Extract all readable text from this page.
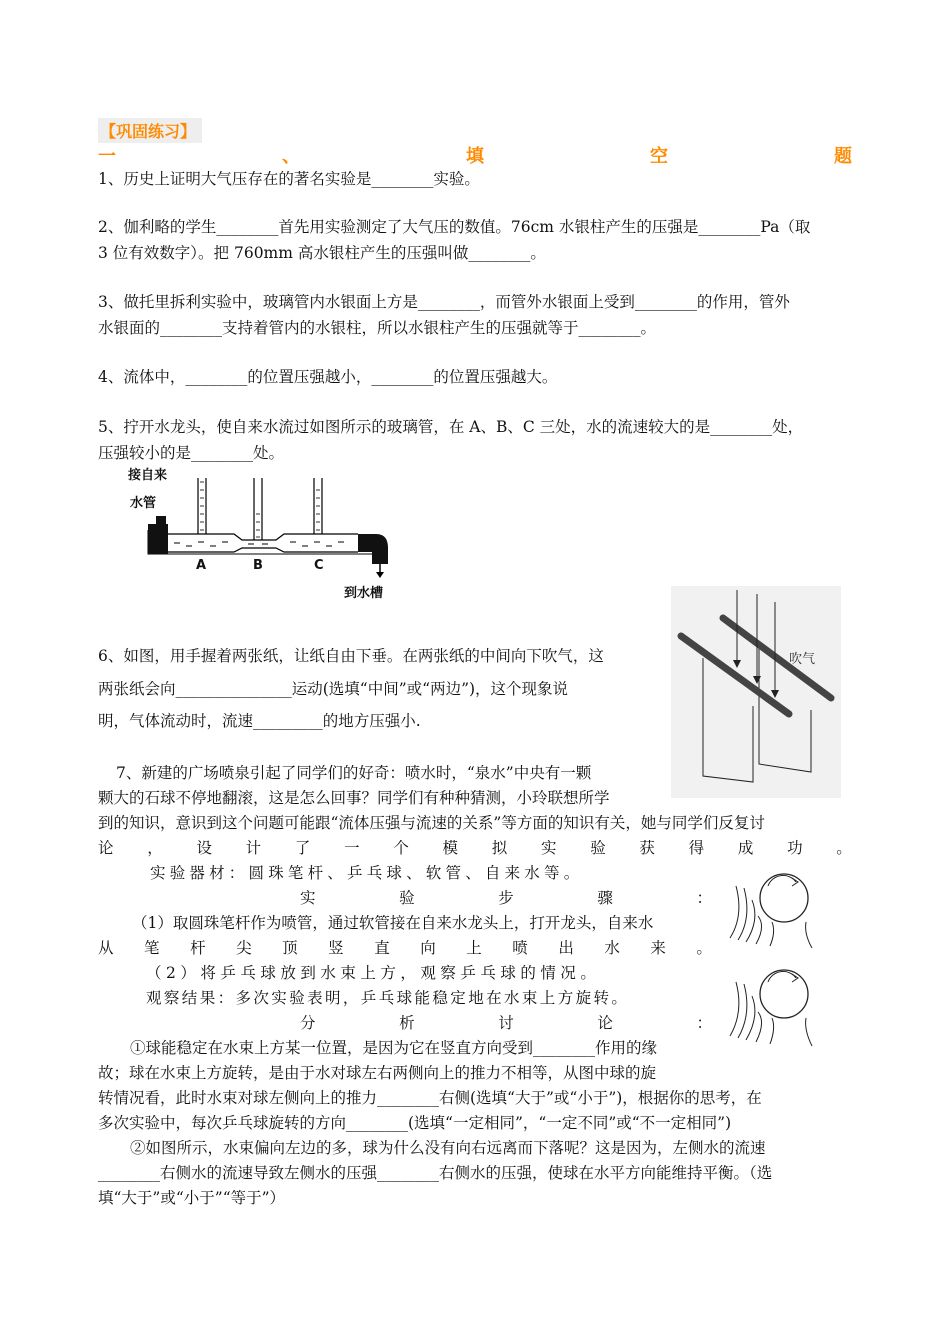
【巩固练习】
一	、	填	空	题
1、历史上证明大气压存在的著名实验是________实验。
2、伽利略的学生________首先用实验测定了大气压的数值。76cm 水银柱产生的压强是________Pa（取
3 位有效数字）。把 760mm 高水银柱产生的压强叫做________。
3、做托里拆利实验中，玻璃管内水银面上方是________，而管外水银面上受到________的作用，管外
水银面的________支持着管内的水银柱，所以水银柱产生的压强就等于________。
4、流体中，________的位置压强越小，________的位置压强越大。
5、拧开水龙头，使自来水流过如图所示的玻璃管，在 A、B、C 三处，水的流速较大的是________处，
压强较小的是________处。
接自来
水管
A	B	C
到水槽
吹气
6、如图，用手握着两张纸，让纸自由下垂。在两张纸的中间向下吹气，这
两张纸会向_______________运动(选填“中间”或“两边”)，这个现象说
明，气体流动时，流速_________的地方压强小.
7、新建的广场喷泉引起了同学们的好奇：喷水时，“泉水”中央有一颗
颗大的石球不停地翻滚，这是怎么回事？同学们有种种猜测，小玲联想所学
到的知识，意识到这个问题可能跟“流体压强与流速的关系”等方面的知识有关，她与同学们反复讨
论 ， 设 计 了 一 个 模 拟 实 验 获 得 成 功 。
实验器材：圆珠笔杆、乒乓球、软管、自来水等。
实	验	步	骤	：
（1）取圆珠笔杆作为喷管，通过软管接在自来水龙头上，打开龙头，自来水
从 笔 杆 尖 顶 竖 直 向 上 喷 出 水 来 。
（2）将乒乓球放到水束上方，观察乒乓球的情况。
观察结果：多次实验表明，乒乓球能稳定地在水束上方旋转。
分	析	讨	论	：
①球能稳定在水束上方某一位置，是因为它在竖直方向受到________作用的缘
故；球在水束上方旋转，是由于水对球左右两侧向上的推力不相等，从图中球的旋
转情况看，此时水束对球左侧向上的推力________右侧(选填“大于”或“小于”)，根据你的思考，在
多次实验中，每次乒乓球旋转的方向________(选填“一定相同”，“一定不同”或“不一定相同”)
②如图所示，水束偏向左边的多，球为什么没有向右远离而下落呢？这是因为，左侧水的流速
________右侧水的流速导致左侧水的压强________右侧水的压强，使球在水平方向能维持平衡。（选
填“大于”或“小于”“等于”）
